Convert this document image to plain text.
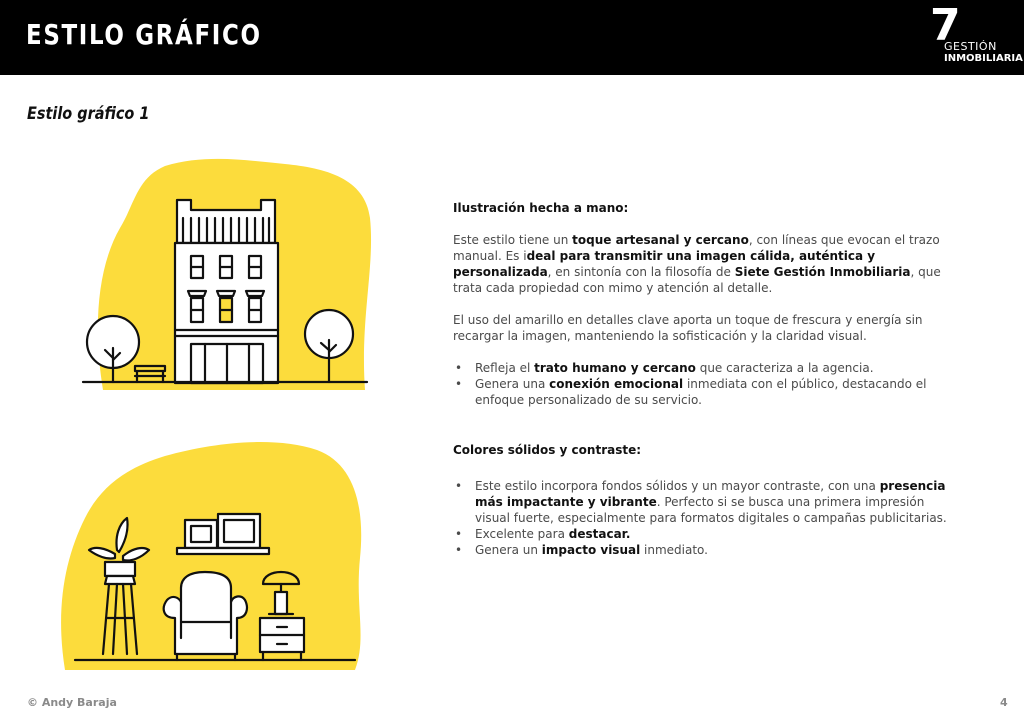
ESTILO GRÁFICO	7
GESTIÓN
INMOBILIARIA
Estilo gráfico 1
Ilustración hecha a mano:

Este estilo tiene un toque artesanal y cercano, con líneas que evocan el trazo manual. Es ideal para transmitir una imagen cálida, auténtica y personalizada, en sintonía con la filosofía de Siete Gestión Inmobiliaria, que trata cada propiedad con mimo y atención al detalle.

El uso del amarillo en detalles clave aporta un toque de frescura y energía sin recargar la imagen, manteniendo la sofisticación y la claridad visual.

• Refleja el trato humano y cercano que caracteriza a la agencia.
• Genera una conexión emocional inmediata con el público, destacando el enfoque personalizado de su servicio.
Colores sólidos y contraste:
• Este estilo incorpora fondos sólidos y un mayor contraste, con una presencia más impactante y vibrante. Perfecto si se busca una primera impresión visual fuerte, especialmente para formatos digitales o campañas publicitarias.
• Excelente para destacar.
• Genera un impacto visual inmediato.
© Andy Baraja	4
